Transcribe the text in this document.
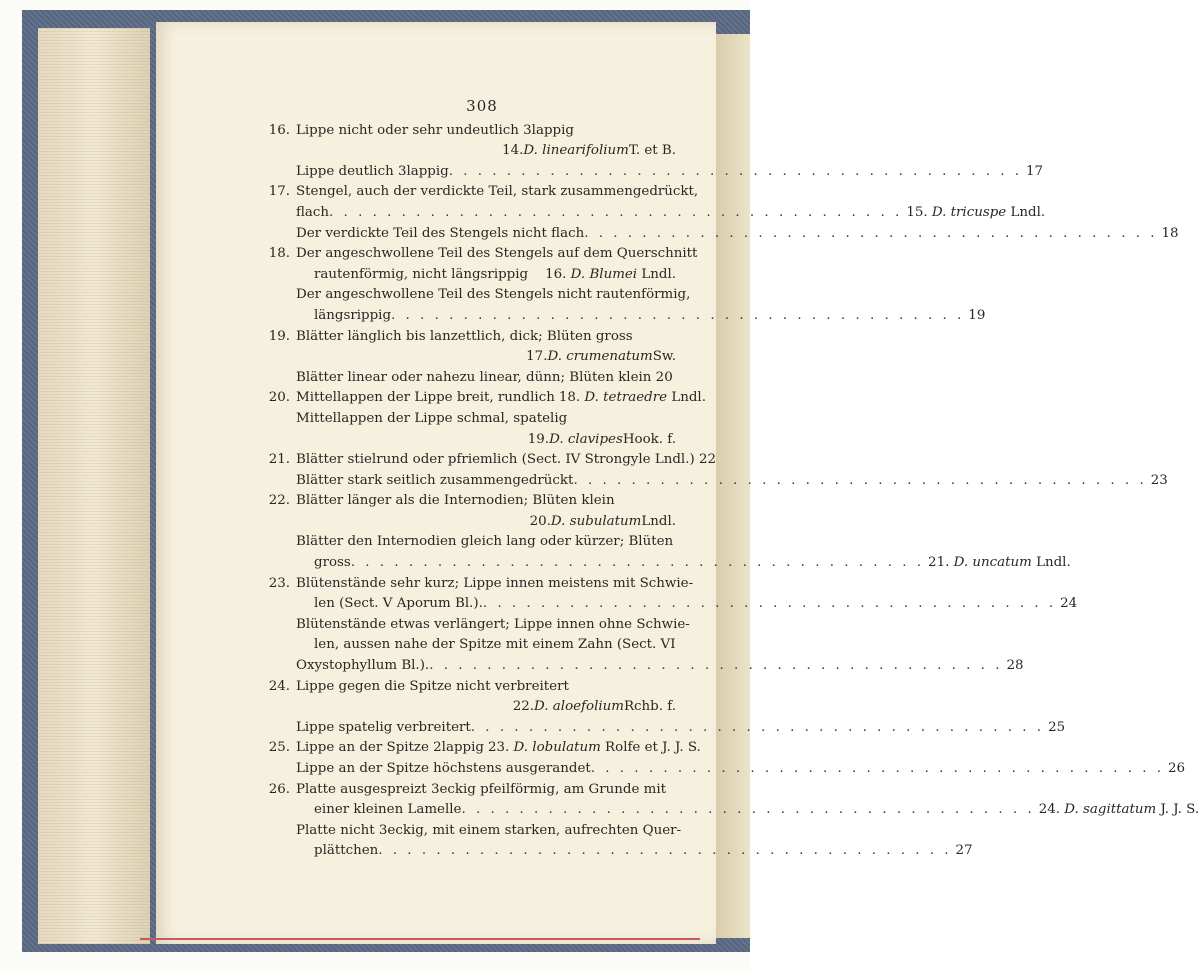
308
16. Lippe nicht oder sehr undeutlich 3lappig
14. D. linearifolium T. et B.
Lippe deutlich 3lappig . . .	17
17. Stengel, auch der verdickte Teil, stark zusammengedrückt,
flach . . .	15. D. tricuspe Lndl.
Der verdickte Teil des Stengels nicht flach . . .	18
18. Der angeschwollene Teil des Stengels auf dem Querschnitt
rautenförmig, nicht längsrippig 16. D. Blumei Lndl.
Der angeschwollene Teil des Stengels nicht rautenförmig,
längsrippig . . .	19
19. Blätter länglich bis lanzettlich, dick; Blüten gross
17. D. crumenatum Sw.
Blätter linear oder nahezu linear, dünn; Blüten klein 20
20. Mittellappen der Lippe breit, rundlich 18. D. tetraedre Lndl.
Mittellappen der Lippe schmal, spatelig
19. D. clavipes Hook. f.
21. Blätter stielrund oder pfriemlich (Sect. IV Strongyle Lndl.) 22
Blätter stark seitlich zusammengedrückt . . .	23
22. Blätter länger als die Internodien; Blüten klein
20. D. subulatum Lndl.
Blätter den Internodien gleich lang oder kürzer; Blüten
gross . . .	21. D. uncatum Lndl.
23. Blütenstände sehr kurz; Lippe innen meistens mit Schwie-
len (Sect. V Aporum Bl.). . . .	24
Blütenstände etwas verlängert; Lippe innen ohne Schwie-
len, aussen nahe der Spitze mit einem Zahn (Sect. VI
Oxystophyllum Bl.). . . .	28
24. Lippe gegen die Spitze nicht verbreitert
22. D. aloefolium Rchb. f.
Lippe spatelig verbreitert . . .	25
25. Lippe an der Spitze 2lappig 23. D. lobulatum Rolfe et J. J. S.
Lippe an der Spitze höchstens ausgerandet . . .	26
26. Platte ausgespreizt 3eckig pfeilförmig, am Grunde mit
einer kleinen Lamelle . . .	24. D. sagittatum J. J. S.
Platte nicht 3eckig, mit einem starken, aufrechten Quer-
plättchen . . .	27
